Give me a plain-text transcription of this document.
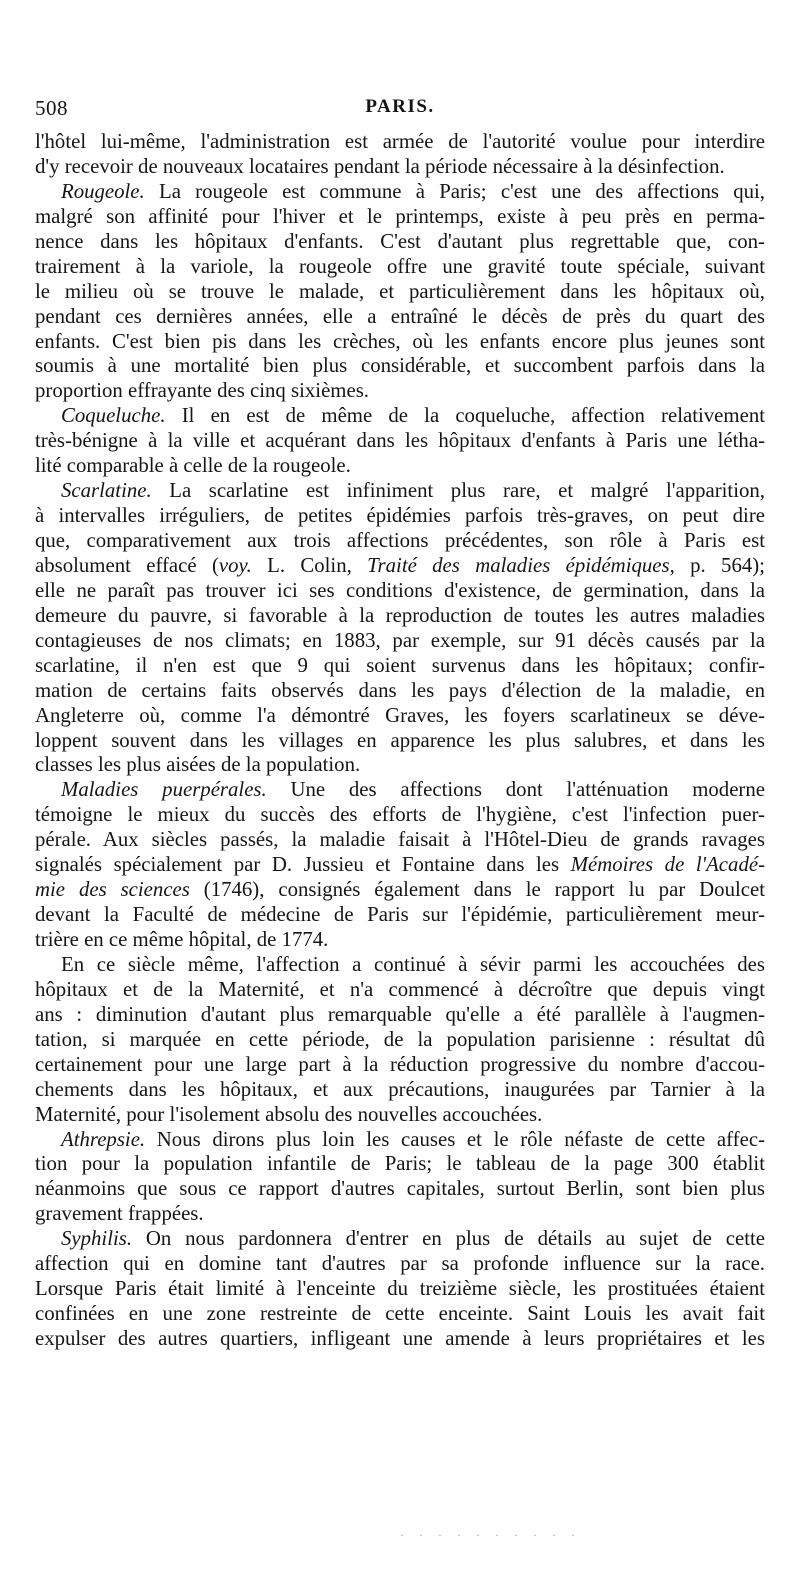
508	PARIS.
l'hôtel lui-même, l'administration est armée de l'autorité voulue pour interdire
d'y recevoir de nouveaux locataires pendant la période nécessaire à la désinfection.
Rougeole. La rougeole est commune à Paris; c'est une des affections qui,
malgré son affinité pour l'hiver et le printemps, existe à peu près en perma-
nence dans les hôpitaux d'enfants. C'est d'autant plus regrettable que, con-
trairement à la variole, la rougeole offre une gravité toute spéciale, suivant
le milieu où se trouve le malade, et particulièrement dans les hôpitaux où,
pendant ces dernières années, elle a entraîné le décès de près du quart des
enfants. C'est bien pis dans les crèches, où les enfants encore plus jeunes sont
soumis à une mortalité bien plus considérable, et succombent parfois dans la
proportion effrayante des cinq sixièmes.
Coqueluche. Il en est de même de la coqueluche, affection relativement
très-bénigne à la ville et acquérant dans les hôpitaux d'enfants à Paris une létha-
lité comparable à celle de la rougeole.
Scarlatine. La scarlatine est infiniment plus rare, et malgré l'apparition,
à intervalles irréguliers, de petites épidémies parfois très-graves, on peut dire
que, comparativement aux trois affections précédentes, son rôle à Paris est
absolument effacé (voy. L. Colin, Traité des maladies épidémiques, p. 564);
elle ne paraît pas trouver ici ses conditions d'existence, de germination, dans la
demeure du pauvre, si favorable à la reproduction de toutes les autres maladies
contagieuses de nos climats; en 1883, par exemple, sur 91 décès causés par la
scarlatine, il n'en est que 9 qui soient survenus dans les hôpitaux; confir-
mation de certains faits observés dans les pays d'élection de la maladie, en
Angleterre où, comme l'a démontré Graves, les foyers scarlatineux se déve-
loppent souvent dans les villages en apparence les plus salubres, et dans les
classes les plus aisées de la population.
Maladies puerpérales. Une des affections dont l'atténuation moderne
témoigne le mieux du succès des efforts de l'hygiène, c'est l'infection puer-
pérale. Aux siècles passés, la maladie faisait à l'Hôtel-Dieu de grands ravages
signalés spécialement par D. Jussieu et Fontaine dans les Mémoires de l'Acadé-
mie des sciences (1746), consignés également dans le rapport lu par Doulcet
devant la Faculté de médecine de Paris sur l'épidémie, particulièrement meur-
trière en ce même hôpital, de 1774.
En ce siècle même, l'affection a continué à sévir parmi les accouchées des
hôpitaux et de la Maternité, et n'a commencé à décroître que depuis vingt
ans : diminution d'autant plus remarquable qu'elle a été parallèle à l'augmen-
tation, si marquée en cette période, de la population parisienne : résultat dû
certainement pour une large part à la réduction progressive du nombre d'accou-
chements dans les hôpitaux, et aux précautions, inaugurées par Tarnier à la
Maternité, pour l'isolement absolu des nouvelles accouchées.
Athrepsie. Nous dirons plus loin les causes et le rôle néfaste de cette affec-
tion pour la population infantile de Paris; le tableau de la page 300 établit
néanmoins que sous ce rapport d'autres capitales, surtout Berlin, sont bien plus
gravement frappées.
Syphilis. On nous pardonnera d'entrer en plus de détails au sujet de cette
affection qui en domine tant d'autres par sa profonde influence sur la race.
Lorsque Paris était limité à l'enceinte du treizième siècle, les prostituées étaient
confinées en une zone restreinte de cette enceinte. Saint Louis les avait fait
expulser des autres quartiers, infligeant une amende à leurs propriétaires et les
· · · · · · · · · ·
